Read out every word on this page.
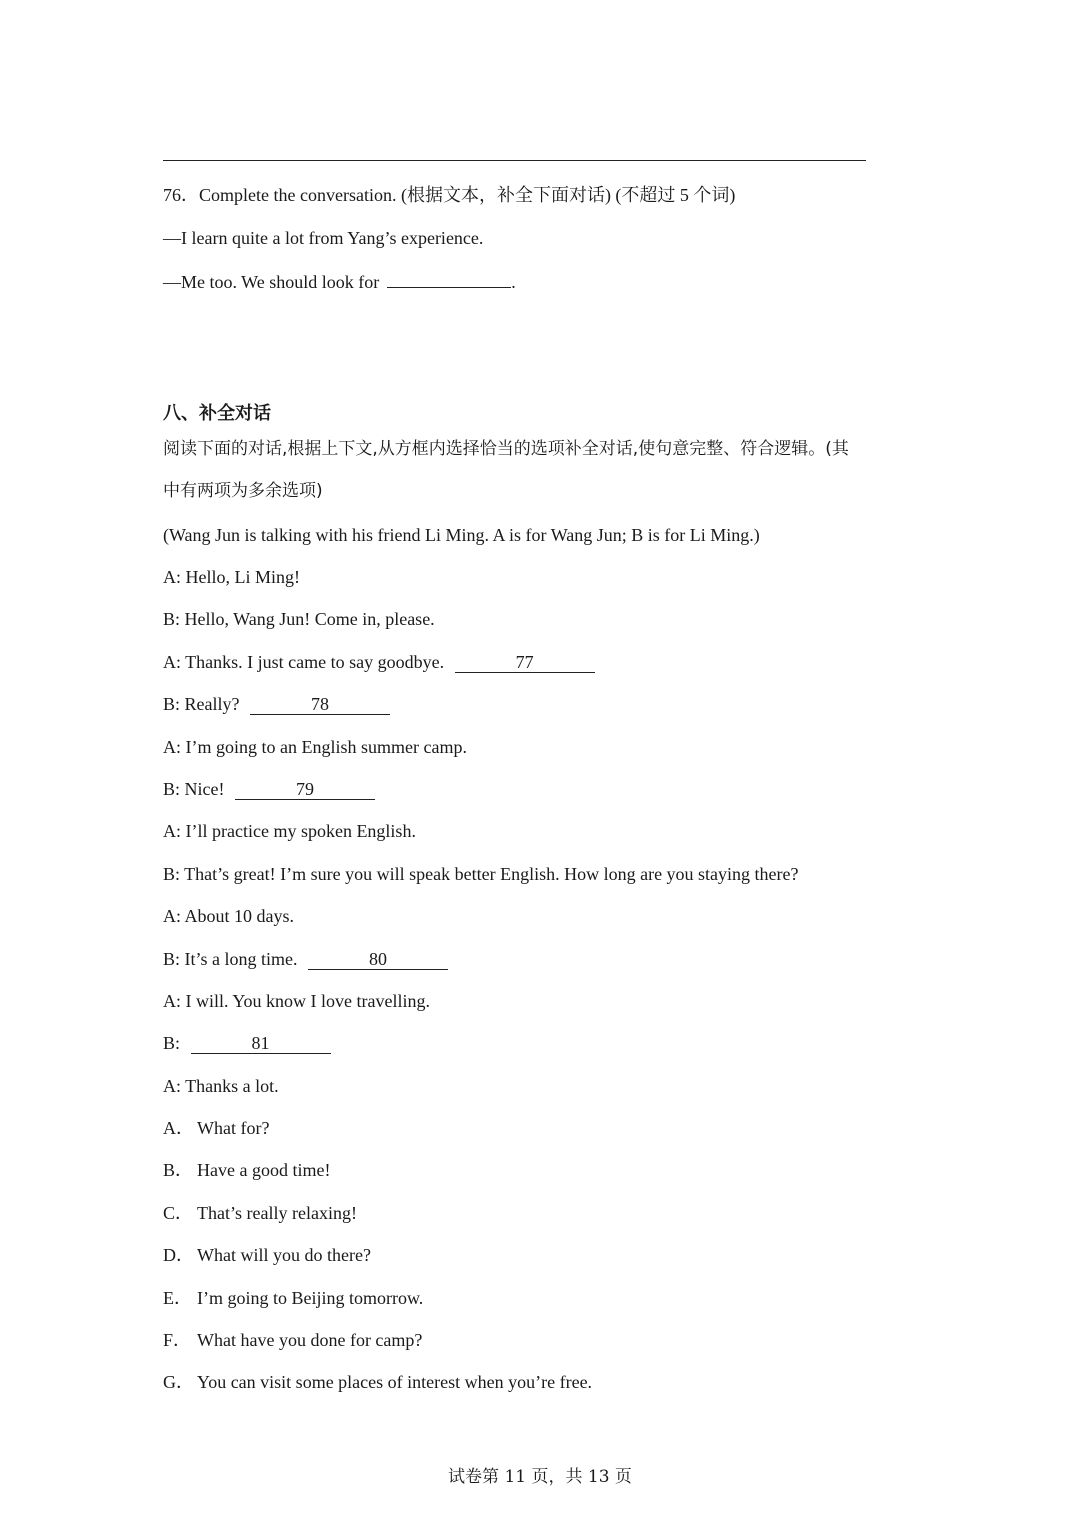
76．Complete the conversation. (根据文本，补全下面对话) (不超过 5 个词)
—I learn quite a lot from Yang’s experience.
—Me too. We should look for	.
八、补全对话
阅读下面的对话,根据上下文,从方框内选择恰当的选项补全对话,使句意完整、符合逻辑。(其
中有两项为多余选项)
(Wang Jun is talking with his friend Li Ming. A is for Wang Jun; B is for Li Ming.)
A: Hello, Li Ming!
B: Hello, Wang Jun! Come in, please.
A: Thanks. I just came to say goodbye.	77
B: Really?	78
A: I’m going to an English summer camp.
B: Nice!	79
A: I’ll practice my spoken English.
B: That’s great! I’m sure you will speak better English. How long are you staying there?
A: About 10 days.
B: It’s a long time.	80
A: I will. You know I love travelling.
B:	81
A: Thanks a lot.
A． What for?
B． Have a good time!
C． That’s really relaxing!
D． What will you do there?
E． I’m going to Beijing tomorrow.
F． What have you done for camp?
G． You can visit some places of interest when you’re free.
试卷第 11 页，共 13 页
